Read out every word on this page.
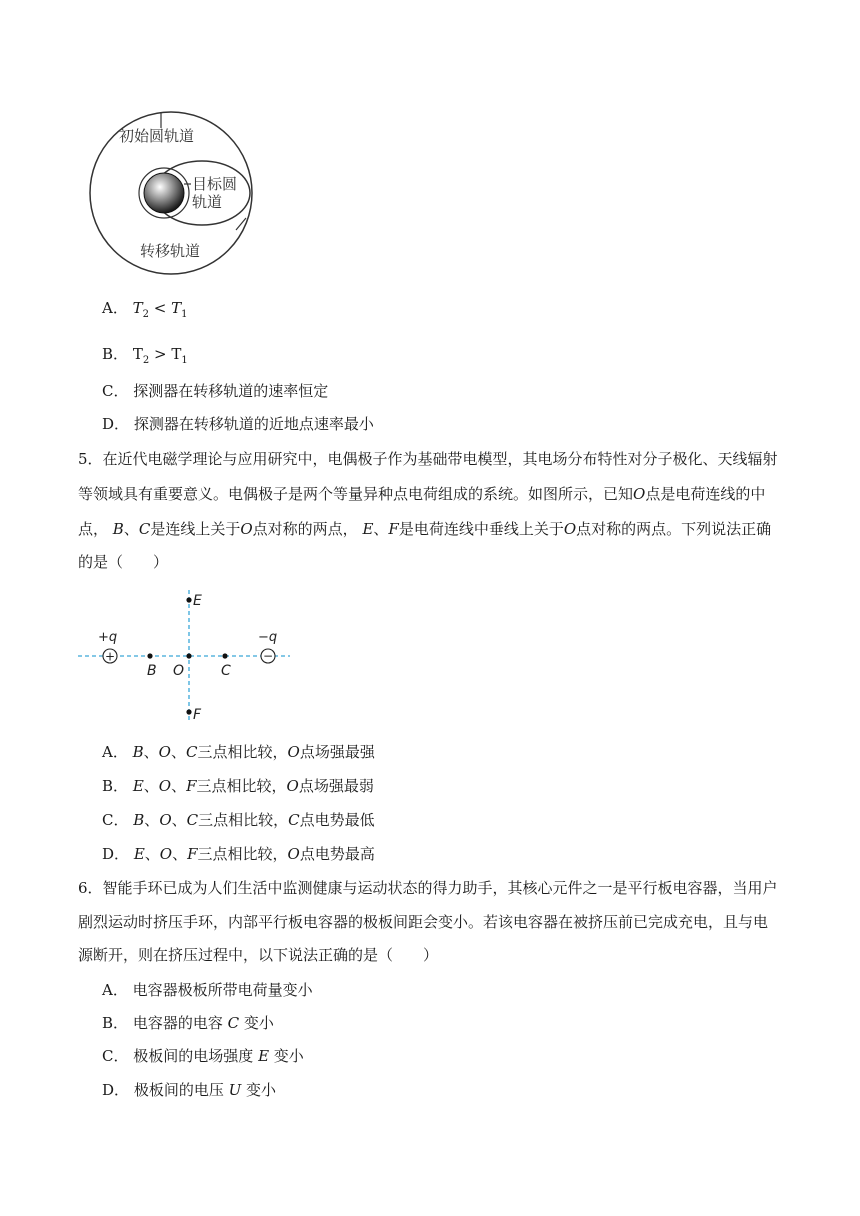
初始圆轨道
目标圆
轨道
转移轨道
A． $T_2 < T_1$
B． $T_2 > T_1$
C． 探测器在转移轨道的速率恒定
D． 探测器在转移轨道的近地点速率最小
5．在近代电磁学理论与应用研究中，电偶极子作为基础带电模型，其电场分布特性对分子极化、天线辐射
等领域具有重要意义。电偶极子是两个等量异种点电荷组成的系统。如图所示，已知O点是电荷连线的中
点， B、C是连线上关于O点对称的两点， E、F是电荷连线中垂线上关于O点对称的两点。下列说法正确
的是（　　）
+	−
+q	−q
B O	C
E
F
A． B、O、C三点相比较，O点场强最强
B． E、O、F三点相比较，O点场强最弱
C． B、O、C三点相比较，C点电势最低
D． E、O、F三点相比较，O点电势最高
6．智能手环已成为人们生活中监测健康与运动状态的得力助手，其核心元件之一是平行板电容器，当用户
剧烈运动时挤压手环，内部平行板电容器的极板间距会变小。若该电容器在被挤压前已完成充电，且与电
源断开，则在挤压过程中，以下说法正确的是（　　）
A． 电容器极板所带电荷量变小
B． 电容器的电容 C 变小
C． 极板间的电场强度 E 变小
D． 极板间的电压 U 变小
